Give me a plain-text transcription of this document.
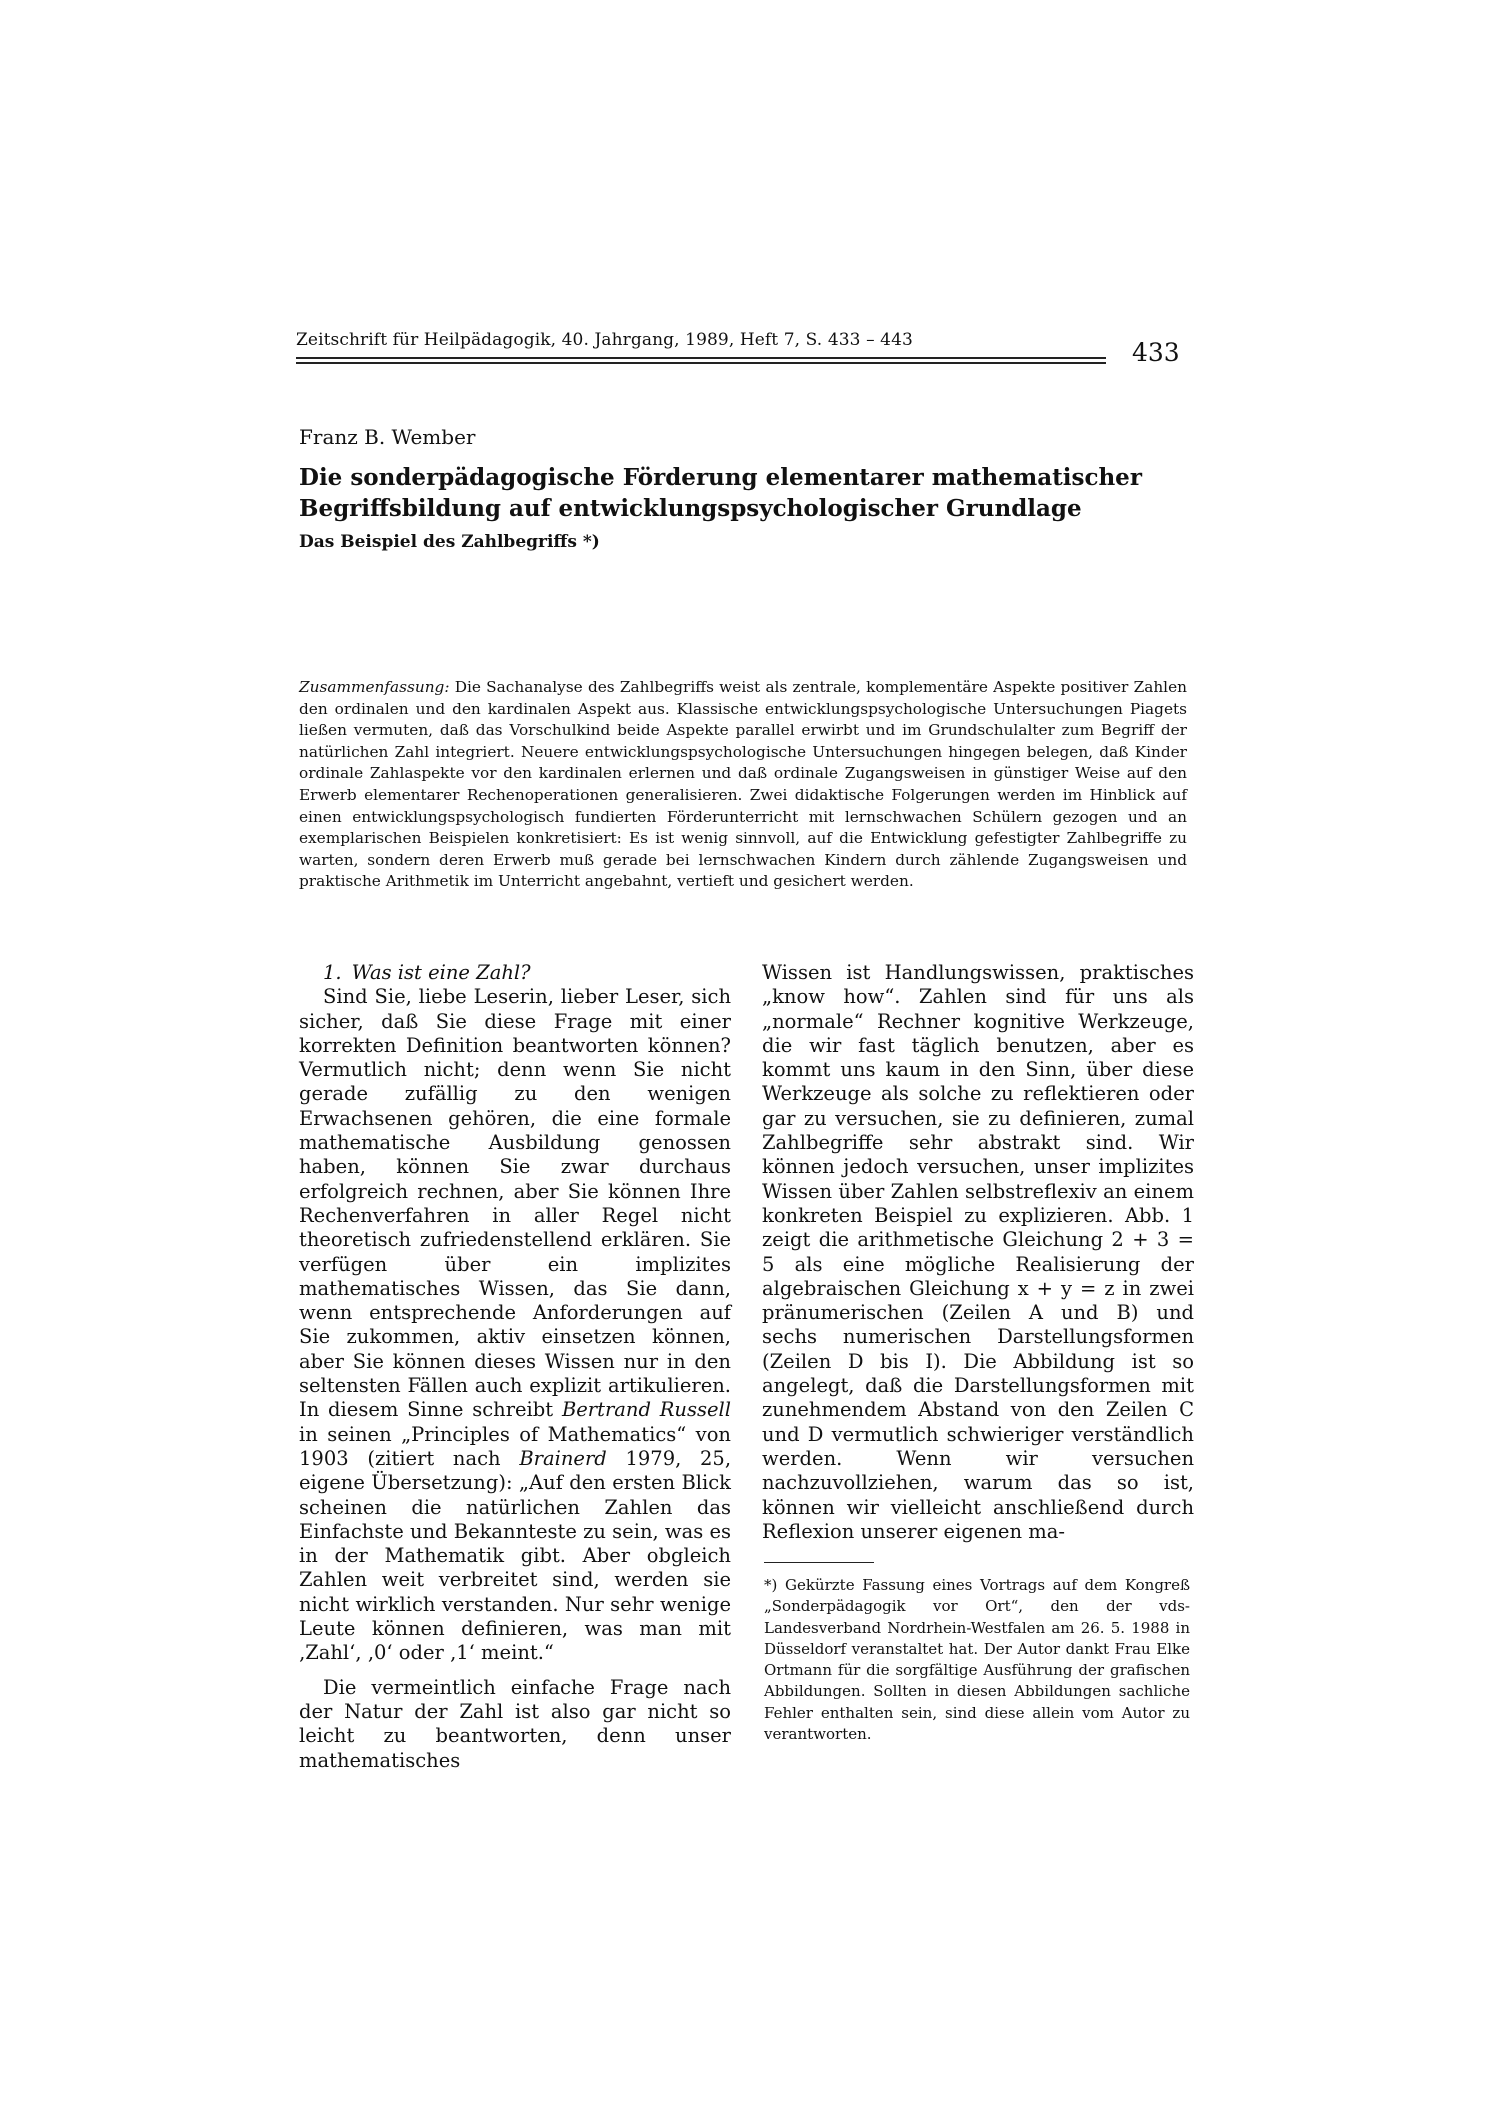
Zeitschrift für Heilpädagogik, 40. Jahrgang, 1989, Heft 7, S. 433 – 443	433
Franz B. Wember
Die sonderpädagogische Förderung elementarer mathematischer Begriffsbildung auf entwicklungspsychologischer Grundlage
Das Beispiel des Zahlbegriffs *)
Zusammenfassung: Die Sachanalyse des Zahlbegriffs weist als zentrale, komplementäre Aspekte positiver Zahlen den ordinalen und den kardinalen Aspekt aus. Klassische entwicklungspsychologische Untersuchungen Piagets ließen vermuten, daß das Vorschulkind beide Aspekte parallel erwirbt und im Grundschulalter zum Begriff der natürlichen Zahl integriert. Neuere entwicklungspsychologische Untersuchungen hingegen belegen, daß Kinder ordinale Zahlaspekte vor den kardinalen erlernen und daß ordinale Zugangsweisen in günstiger Weise auf den Erwerb elementarer Rechenoperationen generalisieren. Zwei didaktische Folgerungen werden im Hinblick auf einen entwicklungspsychologisch fundierten Förderunterricht mit lernschwachen Schülern gezogen und an exemplarischen Beispielen konkretisiert: Es ist wenig sinnvoll, auf die Entwicklung gefestigter Zahlbegriffe zu warten, sondern deren Erwerb muß gerade bei lernschwachen Kindern durch zählende Zugangsweisen und praktische Arithmetik im Unterricht angebahnt, vertieft und gesichert werden.

1. Was ist eine Zahl?

Sind Sie, liebe Leserin, lieber Leser, sich sicher, daß Sie diese Frage mit einer korrekten Definition beantworten können? Vermutlich nicht; denn wenn Sie nicht gerade zufällig zu den wenigen Erwachsenen gehören, die eine formale mathematische Ausbildung genossen haben, können Sie zwar durchaus erfolgreich rechnen, aber Sie können Ihre Rechenverfahren in aller Regel nicht theoretisch zufriedenstellend erklären. Sie verfügen über ein implizites mathematisches Wissen, das Sie dann, wenn entsprechende Anforderungen auf Sie zukommen, aktiv einsetzen können, aber Sie können dieses Wissen nur in den seltensten Fällen auch explizit artikulieren. In diesem Sinne schreibt Bertrand Russell in seinen „Principles of Mathematics“ von 1903 (zitiert nach Brainerd 1979, 25, eigene Übersetzung): „Auf den ersten Blick scheinen die natürlichen Zahlen das Einfachste und Bekannteste zu sein, was es in der Mathematik gibt. Aber obgleich Zahlen weit verbreitet sind, werden sie nicht wirklich verstanden. Nur sehr wenige Leute können definieren, was man mit ‚Zahl‘, ‚0‘ oder ‚1‘ meint.“

Die vermeintlich einfache Frage nach der Natur der Zahl ist also gar nicht so leicht zu beantworten, denn unser mathematisches

Wissen ist Handlungswissen, praktisches „know how“. Zahlen sind für uns als „normale“ Rechner kognitive Werkzeuge, die wir fast täglich benutzen, aber es kommt uns kaum in den Sinn, über diese Werkzeuge als solche zu reflektieren oder gar zu versuchen, sie zu definieren, zumal Zahlbegriffe sehr abstrakt sind. Wir können jedoch versuchen, unser implizites Wissen über Zahlen selbstreflexiv an einem konkreten Beispiel zu explizieren. Abb. 1 zeigt die arithmetische Gleichung 2 + 3 = 5 als eine mögliche Realisierung der algebraischen Gleichung x + y = z in zwei pränumerischen (Zeilen A und B) und sechs numerischen Darstellungsformen (Zeilen D bis I). Die Abbildung ist so angelegt, daß die Darstellungsformen mit zunehmendem Abstand von den Zeilen C und D vermutlich schwieriger verständlich werden. Wenn wir versuchen nachzuvollziehen, warum das so ist, können wir vielleicht anschließend durch Reflexion unserer eigenen ma-

*) Gekürzte Fassung eines Vortrags auf dem Kongreß „Sonderpädagogik vor Ort“, den der vds-Landesverband Nordrhein-Westfalen am 26. 5. 1988 in Düsseldorf veranstaltet hat. Der Autor dankt Frau Elke Ortmann für die sorgfältige Ausführung der grafischen Abbildungen. Sollten in diesen Abbildungen sachliche Fehler enthalten sein, sind diese allein vom Autor zu verantworten.
